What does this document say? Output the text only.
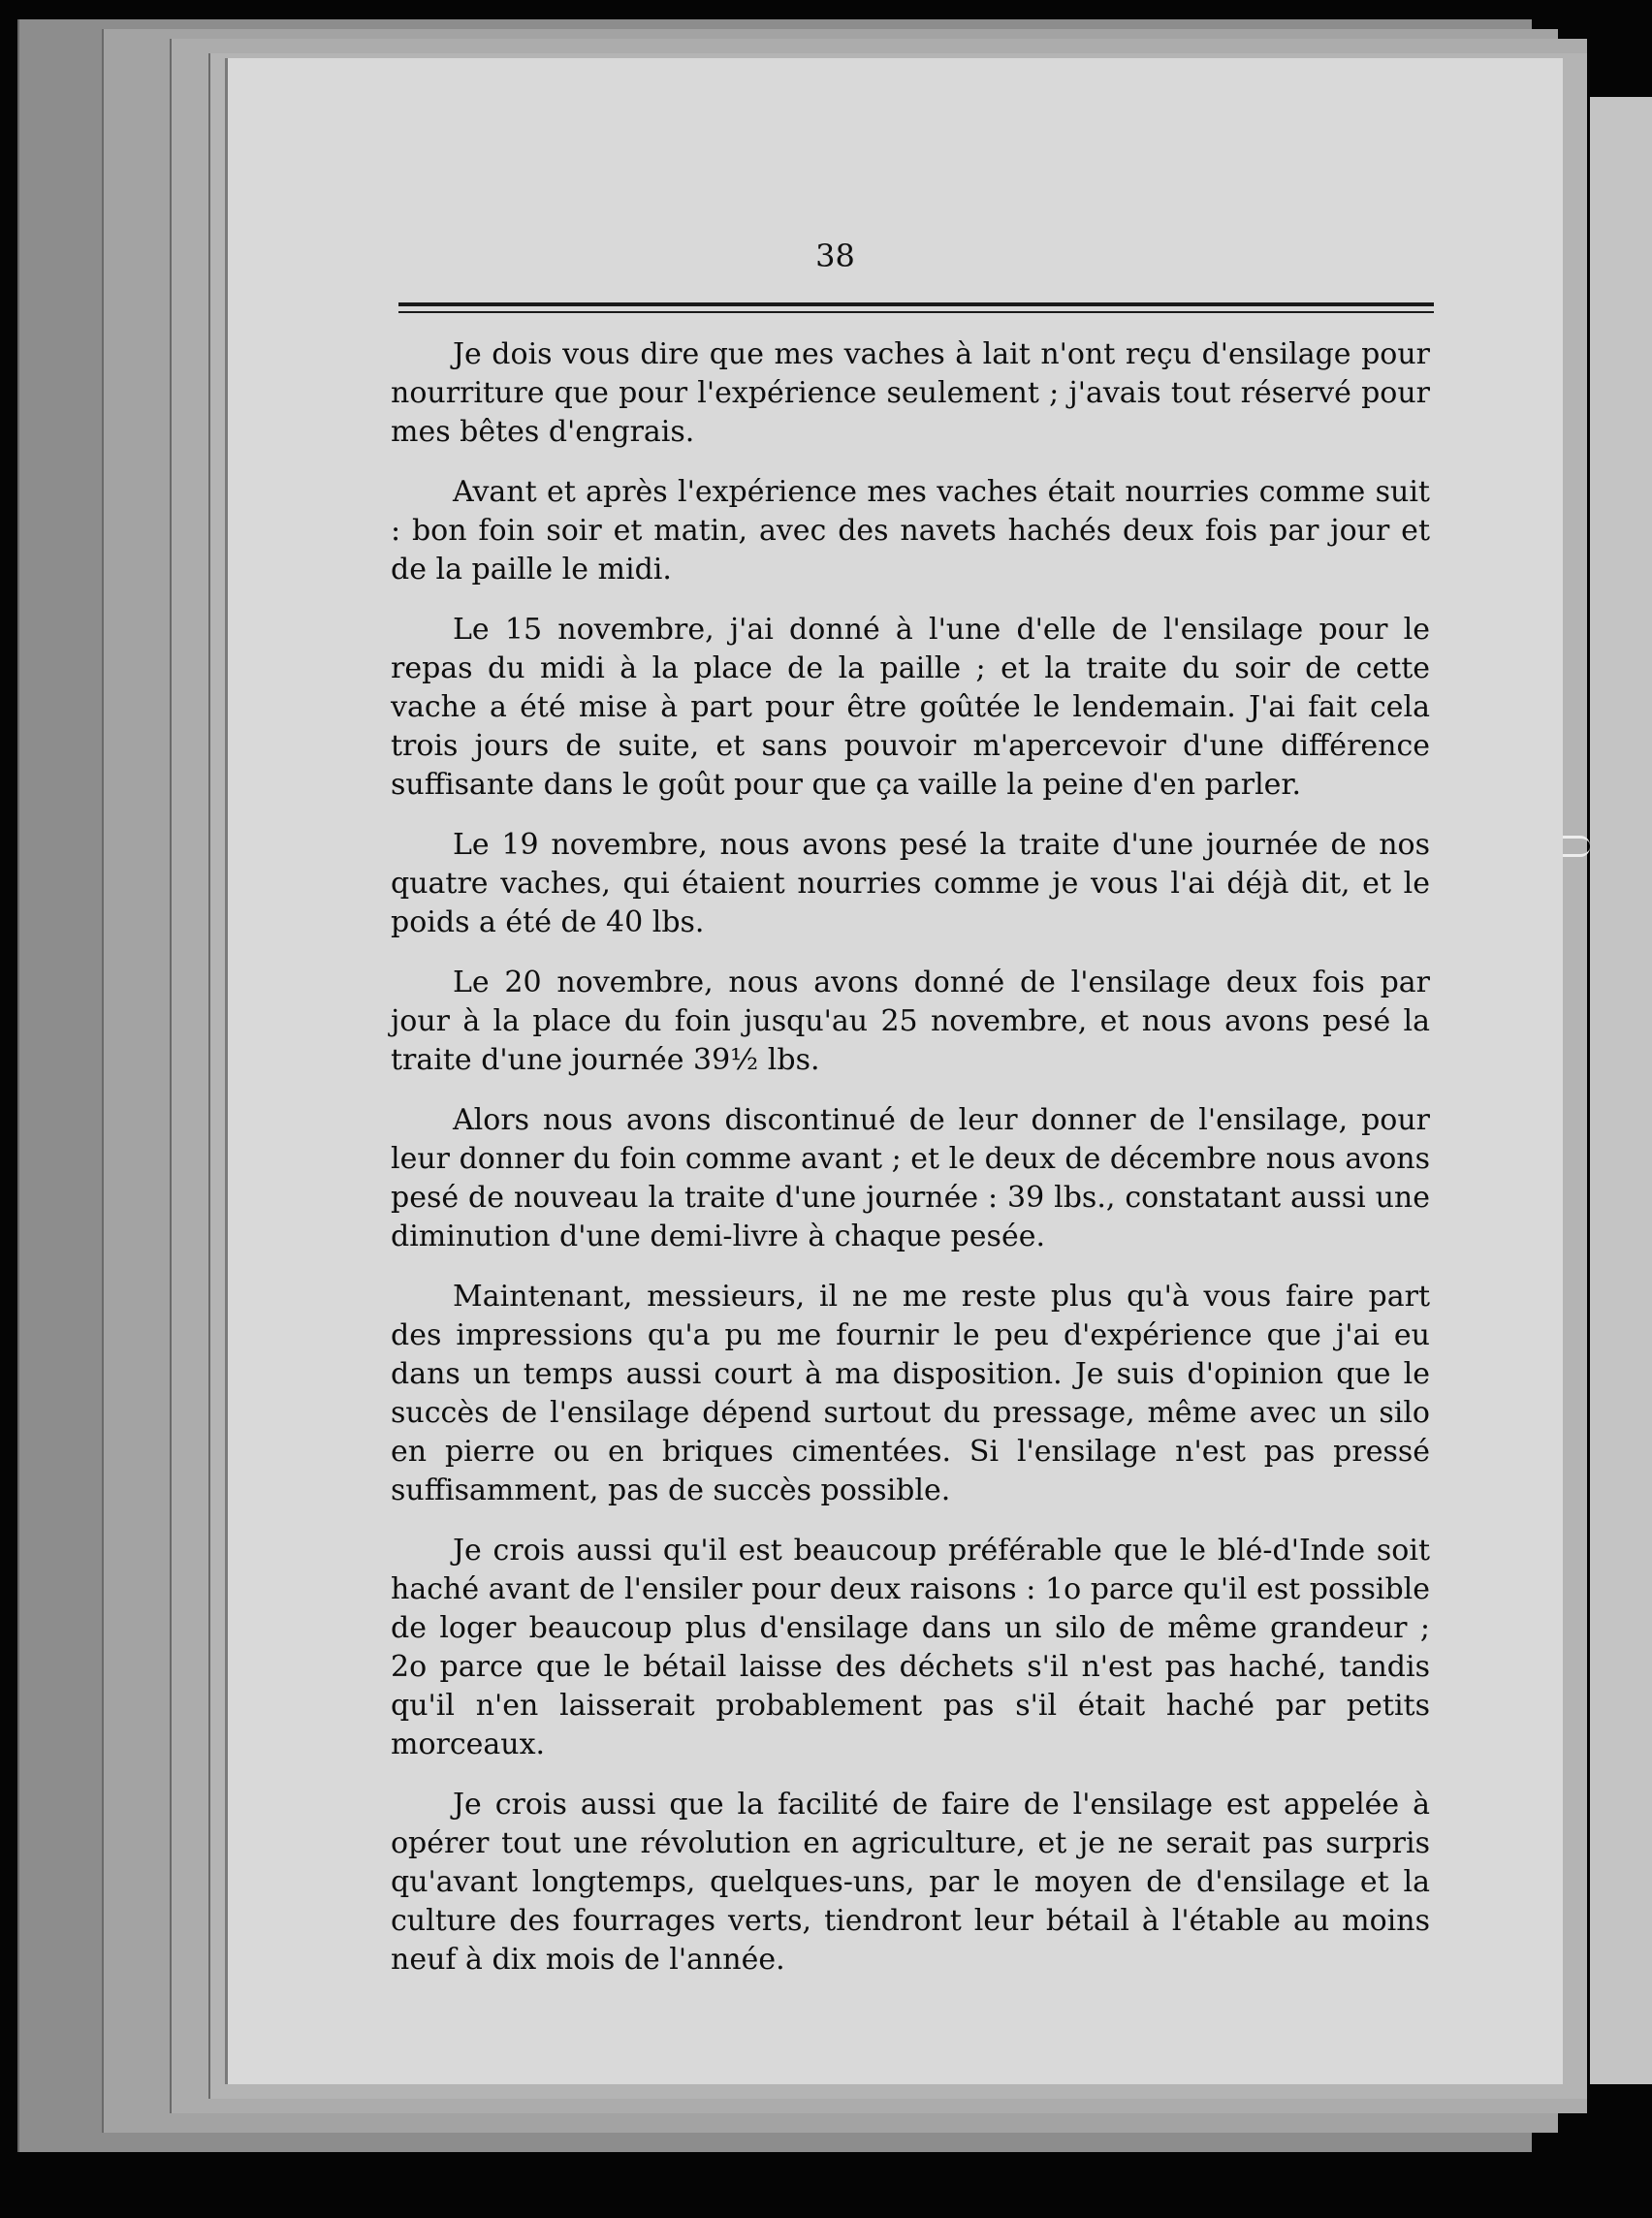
38

Je dois vous dire que mes vaches à lait n'ont reçu d'ensilage pour nourriture que pour l'expérience seulement ; j'avais tout réservé pour mes bêtes d'engrais.

Avant et après l'expérience mes vaches était nourries comme suit : bon foin soir et matin, avec des navets hachés deux fois par jour et de la paille le midi.

Le 15 novembre, j'ai donné à l'une d'elle de l'ensilage pour le repas du midi à la place de la paille ; et la traite du soir de cette vache a été mise à part pour être goûtée le lendemain. J'ai fait cela trois jours de suite, et sans pouvoir m'apercevoir d'une différence suffisante dans le goût pour que ça vaille la peine d'en parler.

Le 19 novembre, nous avons pesé la traite d'une journée de nos quatre vaches, qui étaient nourries comme je vous l'ai déjà dit, et le poids a été de 40 lbs.

Le 20 novembre, nous avons donné de l'ensilage deux fois par jour à la place du foin jusqu'au 25 novembre, et nous avons pesé la traite d'une journée 39½ lbs.

Alors nous avons discontinué de leur donner de l'ensilage, pour leur donner du foin comme avant ; et le deux de décembre nous avons pesé de nouveau la traite d'une journée : 39 lbs., constatant aussi une diminution d'une demi-livre à chaque pesée.

Maintenant, messieurs, il ne me reste plus qu'à vous faire part des impressions qu'a pu me fournir le peu d'expérience que j'ai eu dans un temps aussi court à ma disposition. Je suis d'opinion que le succès de l'ensilage dépend surtout du pressage, même avec un silo en pierre ou en briques cimentées. Si l'ensilage n'est pas pressé suffisamment, pas de succès possible.

Je crois aussi qu'il est beaucoup préférable que le blé-d'Inde soit haché avant de l'ensiler pour deux raisons : 1o parce qu'il est possible de loger beaucoup plus d'ensilage dans un silo de même grandeur ; 2o parce que le bétail laisse des déchets s'il n'est pas haché, tandis qu'il n'en laisserait probablement pas s'il était haché par petits morceaux.

Je crois aussi que la facilité de faire de l'ensilage est appelée à opérer tout une révolution en agriculture, et je ne serait pas surpris qu'avant longtemps, quelques-uns, par le moyen de d'ensilage et la culture des fourrages verts, tiendront leur bétail à l'étable au moins neuf à dix mois de l'année.
